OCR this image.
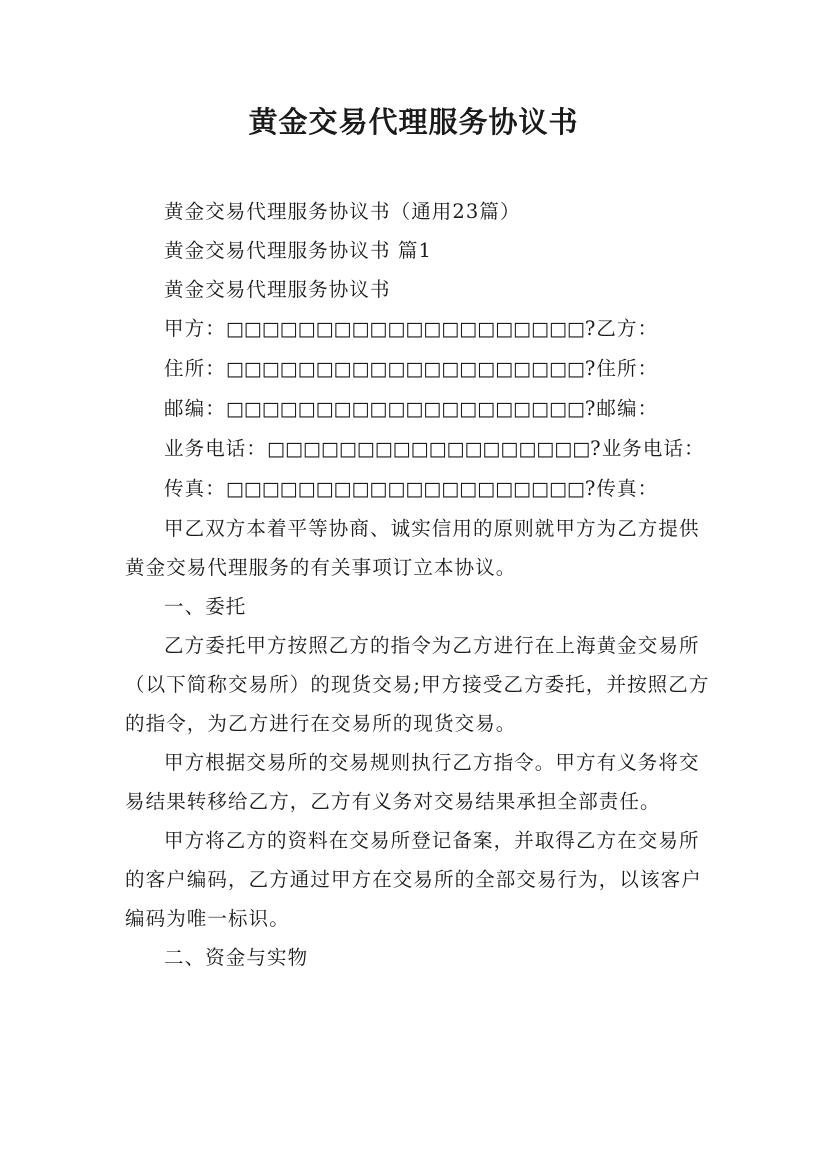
黄金交易代理服务协议书

黄金交易代理服务协议书（通用23篇）

黄金交易代理服务协议书 篇1

黄金交易代理服务协议书

甲方：□□□□□□□□□□□□□□□□□□□□?乙方：

住所：□□□□□□□□□□□□□□□□□□□□?住所：

邮编：□□□□□□□□□□□□□□□□□□□□?邮编：

业务电话：□□□□□□□□□□□□□□□□□□?业务电话：

传真：□□□□□□□□□□□□□□□□□□□□?传真：

甲乙双方本着平等协商、诚实信用的原则就甲方为乙方提供黄金交易代理服务的有关事项订立本协议。

一、委托

乙方委托甲方按照乙方的指令为乙方进行在上海黄金交易所（以下简称交易所）的现货交易;甲方接受乙方委托，并按照乙方的指令，为乙方进行在交易所的现货交易。

甲方根据交易所的交易规则执行乙方指令。甲方有义务将交易结果转移给乙方，乙方有义务对交易结果承担全部责任。

甲方将乙方的资料在交易所登记备案，并取得乙方在交易所的客户编码，乙方通过甲方在交易所的全部交易行为，以该客户编码为唯一标识。

二、资金与实物
